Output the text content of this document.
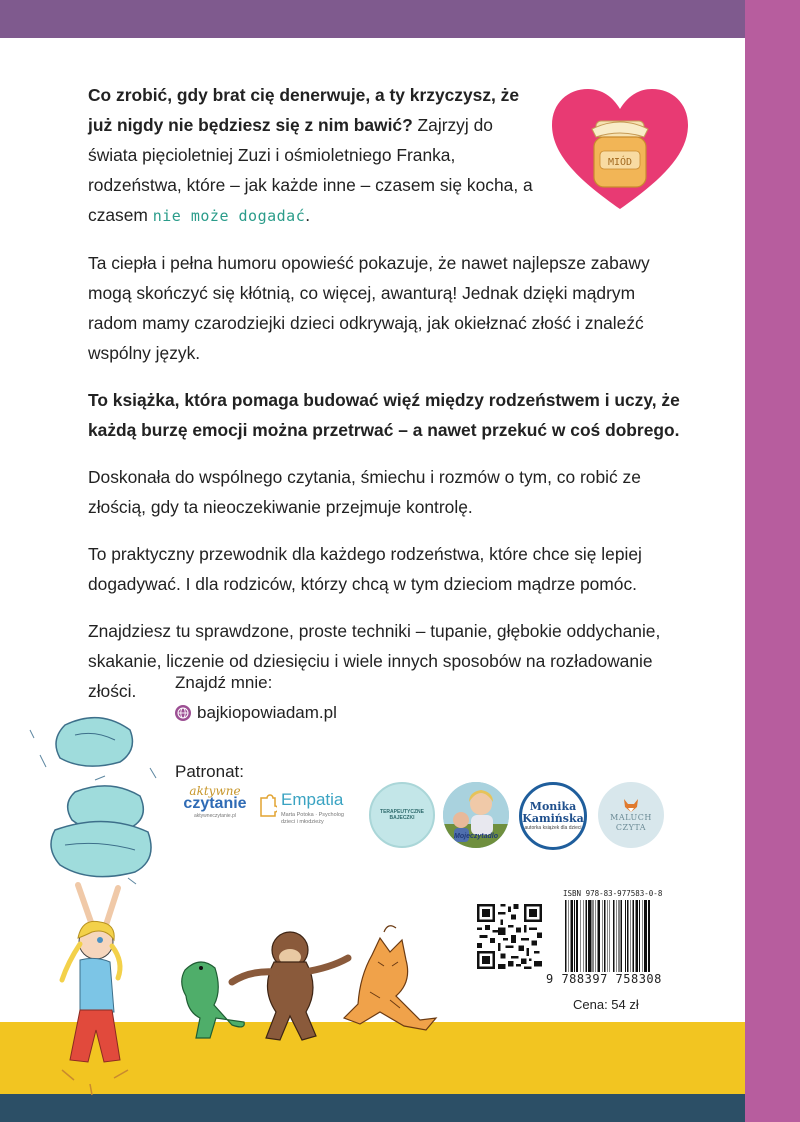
Co zrobić, gdy brat cię denerwuje, a ty krzyczysz, że już nigdy nie będziesz się z nim bawić? Zajrzyj do świata pięcioletniej Zuzi i ośmioletniego Franka, rodzeństwa, które – jak każde inne – czasem się kocha, a czasem nie może dogadać.

Ta ciepła i pełna humoru opowieść pokazuje, że nawet najlepsze zabawy mogą skończyć się kłótnią, co więcej, awanturą! Jednak dzięki mądrym radom mamy czarodziejki dzieci odkrywają, jak okiełznać złość i znaleźć wspólny język.

To książka, która pomaga budować więź między rodzeństwem i uczy, że każdą burzę emocji można przetrwać – a nawet przekuć w coś dobrego.

Doskonała do wspólnego czytania, śmiechu i rozmów o tym, co robić ze złością, gdy ta nieoczekiwanie przejmuje kontrolę.

To praktyczny przewodnik dla każdego rodzeństwa, które chce się lepiej dogadywać. I dla rodziców, którzy chcą w tym dzieciom mądrze pomóc.

Znajdziesz tu sprawdzone, proste techniki – tupanie, głębokie oddychanie, skakanie, liczenie od dziesięciu i wiele innych sposobów na rozładowanie złości.

MIÓD
Znajdź mnie:
bajkiopowiadam.pl
Patronat:
aktywne
czytanie
aktywneczytanie.pl
Empatia
Marta Potoka · Psycholog dzieci i młodzieży
TERAPEUTYCZNE BAJECZKI
Mojeczytadlo
Monika Kamińska
autorka książek dla dzieci
MALUCH
CZYTA
ISBN 978-83-977583-0-8
9 788397 758308
Cena: 54 zł
